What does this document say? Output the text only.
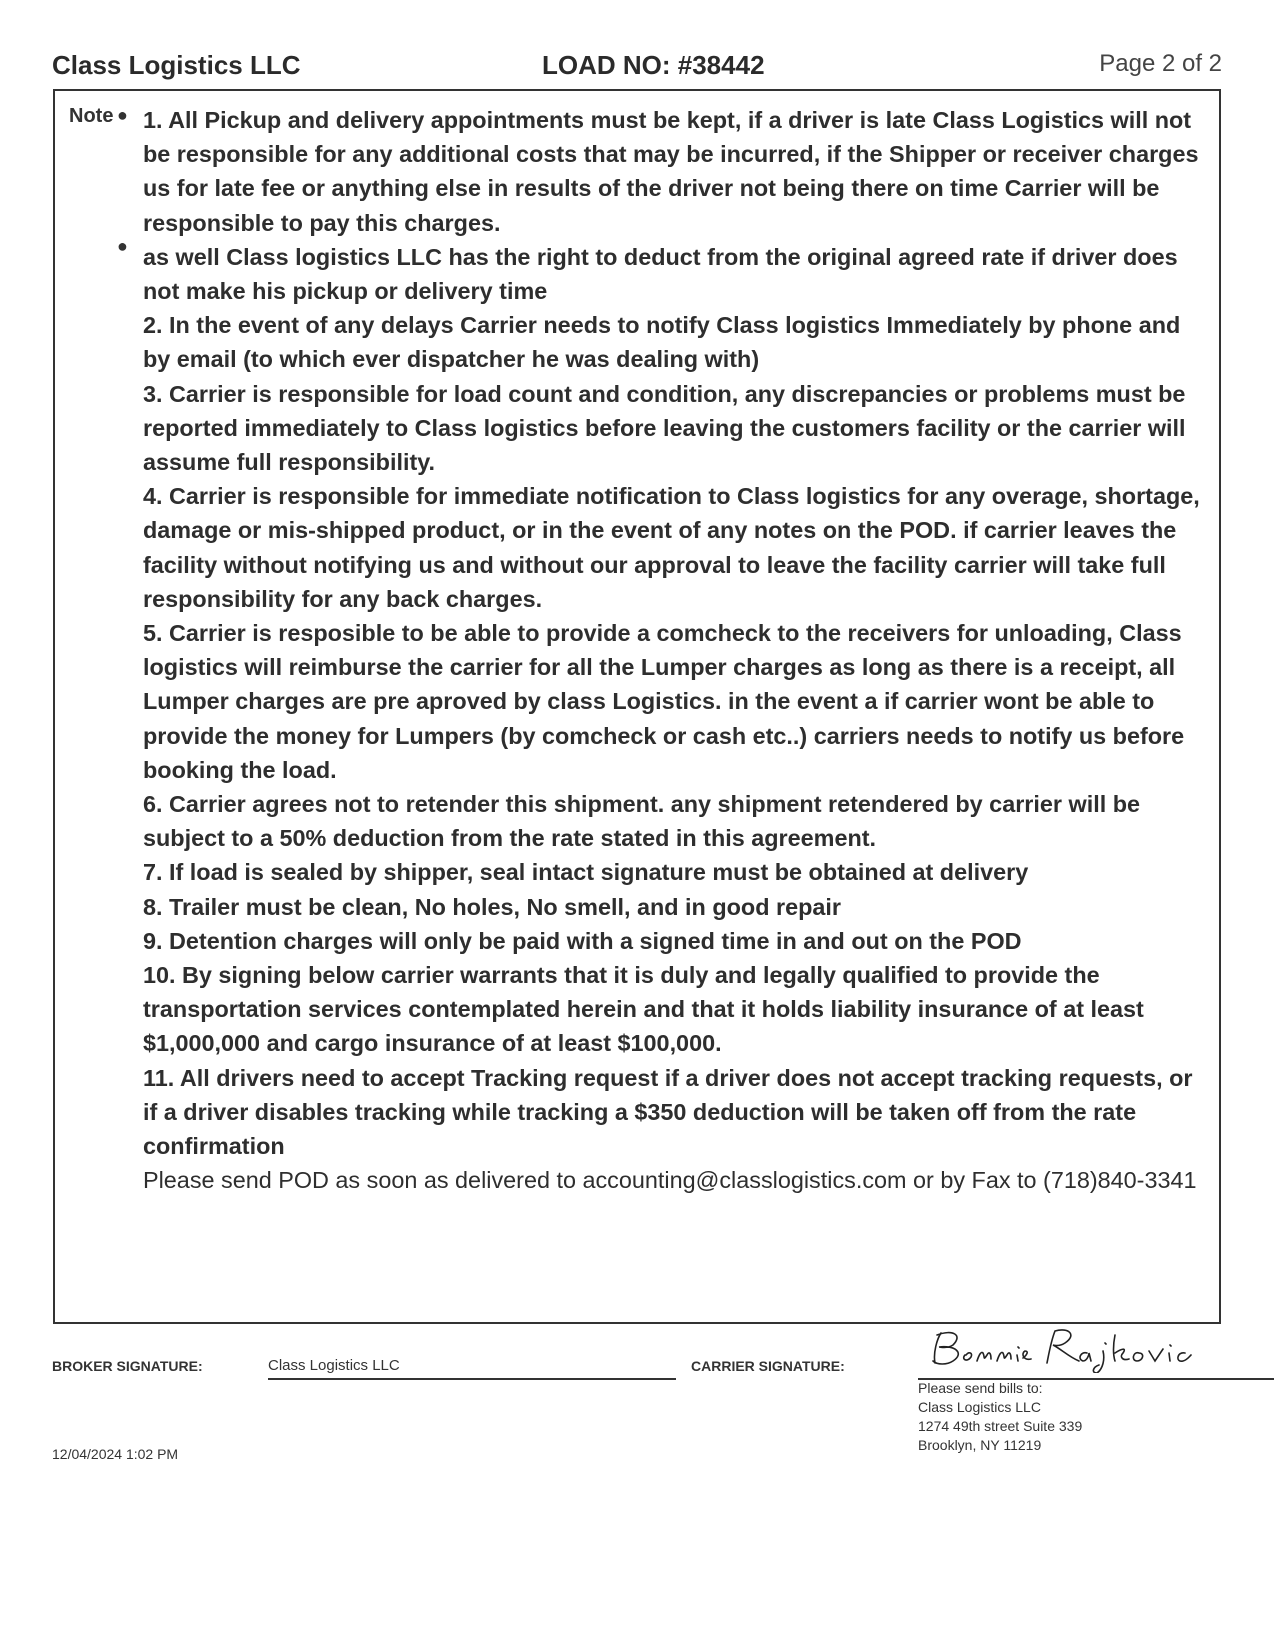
Class Logistics LLC	LOAD NO: #38442	Page 2 of 2
Note ●
●

1. All Pickup and delivery appointments must be kept, if a driver is late Class Logistics will not be responsible for any additional costs that may be incurred, if the Shipper or receiver charges us for late fee or anything else in results of the driver not being there on time Carrier will be responsible to pay this charges.

as well Class logistics LLC has the right to deduct from the original agreed rate if driver does not make his pickup or delivery time

2. In the event of any delays Carrier needs to notify Class logistics Immediately by phone and by email (to which ever dispatcher he was dealing with)

3. Carrier is responsible for load count and condition, any discrepancies or problems must be reported immediately to Class logistics before leaving the customers facility or the carrier will assume full responsibility.

4. Carrier is responsible for immediate notification to Class logistics for any overage, shortage, damage or mis-shipped product, or in the event of any notes on the POD. if carrier leaves the facility without notifying us and without our approval to leave the facility carrier will take full responsibility for any back charges.

5. Carrier is resposible to be able to provide a comcheck to the receivers for unloading, Class logistics will reimburse the carrier for all the Lumper charges as long as there is a receipt, all Lumper charges are pre aproved by class Logistics. in the event a if carrier wont be able to provide the money for Lumpers (by comcheck or cash etc..) carriers needs to notify us before booking the load.

6. Carrier agrees not to retender this shipment. any shipment retendered by carrier will be subject to a 50% deduction from the rate stated in this agreement.

7. If load is sealed by shipper, seal intact signature must be obtained at delivery

8. Trailer must be clean, No holes, No smell, and in good repair

9. Detention charges will only be paid with a signed time in and out on the POD

10. By signing below carrier warrants that it is duly and legally qualified to provide the transportation services contemplated herein and that it holds liability insurance of at least $1,000,000 and cargo insurance of at least $100,000.

11. All drivers need to accept Tracking request if a driver does not accept tracking requests, or if a driver disables tracking while tracking a $350 deduction will be taken off from the rate confirmation

Please send POD as soon as delivered to accounting@classlogistics.com or by Fax to (718)840-3341

BROKER SIGNATURE:	Class Logistics LLC	CARRIER SIGNATURE:
Please send bills to:
Class Logistics LLC
1274 49th street Suite 339
Brooklyn, NY 11219
12/04/2024 1:02 PM
